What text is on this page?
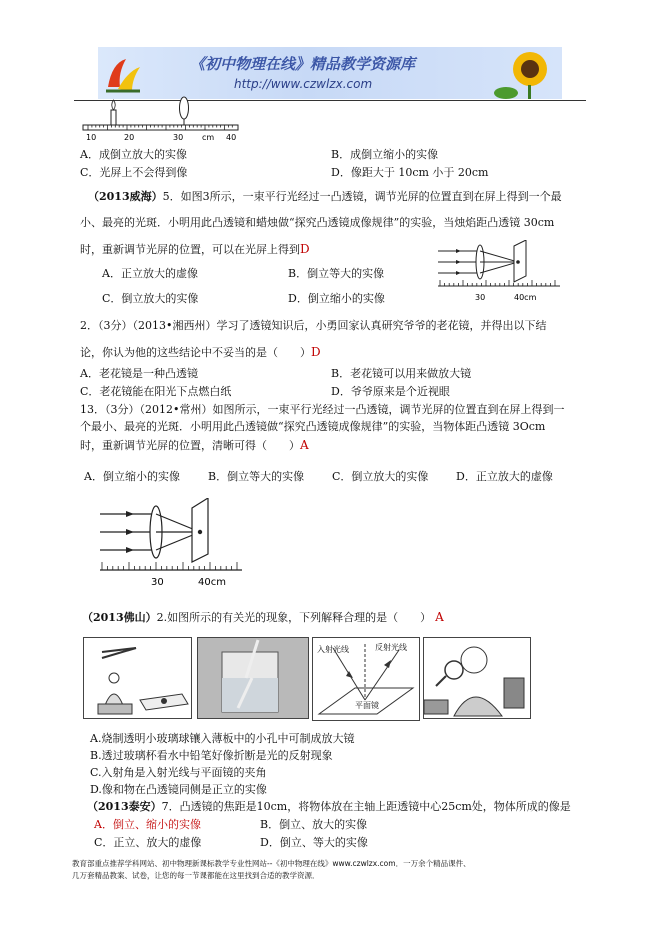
《初中物理在线》精品教学资源库
http://www.czwlzx.com
10	20	30 cm 40
A．成倒立放大的实像	B．成倒立缩小的实像
C．光屏上不会得到像	D．像距大于 10cm 小于 20cm
（2013威海）5．如图3所示，一束平行光经过一凸透镜，调节光屏的位置直到在屏上得到一个最
小、最亮的光斑．小明用此凸透镜和蜡烛做“探究凸透镜成像规律”的实验，当烛焰距凸透镜 30cm
时，重新调节光屏的位置，可以在光屏上得到D
A．正立放大的虚像	B．倒立等大的实像
C．倒立放大的实像	D．倒立缩小的实像	30	40cm
2．（3分）（2013•湘西州）学习了透镜知识后，小勇回家认真研究爷爷的老花镜，并得出以下结
论，你认为他的这些结论中不妥当的是（　　）D
A．老花镜是一种凸透镜	B．老花镜可以用来做放大镜
C．老花镜能在阳光下点燃白纸	D．爷爷原来是个近视眼
13．（3分）（2012•常州）如图所示，一束平行光经过一凸透镜，调节光屏的位置直到在屏上得到一
个最小、最亮的光斑．小明用此凸透镜做“探究凸透镜成像规律”的实验，当物体距凸透镜 3Ocm
时，重新调节光屏的位置，清晰可得（　　）A
A．倒立缩小的实像	B．倒立等大的实像	C．倒立放大的实像	D．正立放大的虚像
30	40cm
（2013佛山）2.如图所示的有关光的现象，下列解释合理的是（　　） A
入射光线	反射光线
平面镜
A.烧制透明小玻璃球镶入薄板中的小孔中可制成放大镜
B.透过玻璃杯看水中铅笔好像折断是光的反射现象
C.入射角是入射光线与平面镜的夹角
D.像和物在凸透镜同侧是正立的实像
（2013泰安）7．凸透镜的焦距是10cm，将物体放在主轴上距透镜中心25cm处，物体所成的像是
A．倒立、缩小的实像	B．倒立、放大的实像
C．正立、放大的虚像	D．倒立、等大的实像
教育部重点推荐学科网站、初中物理新课标教学专业性网站--《初中物理在线》www.czwlzx.com．一万余个精品课件、
几万套精品教案、试卷，让您的每一节课都能在这里找到合适的教学资源．
